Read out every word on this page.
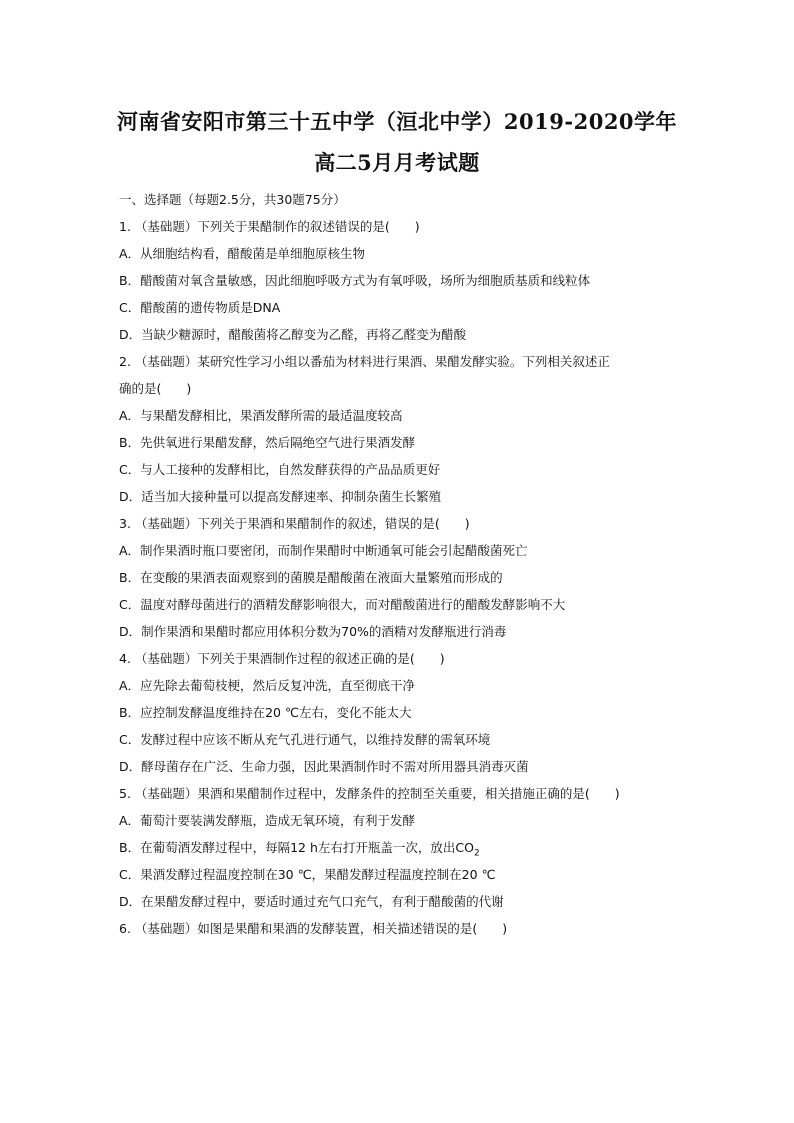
河南省安阳市第三十五中学（洹北中学）2019-2020学年
高二5月月考试题
一、选择题（每题2.5分，共30题75分）
1. （基础题）下列关于果醋制作的叙述错误的是(　　)
A．从细胞结构看，醋酸菌是单细胞原核生物
B．醋酸菌对氧含量敏感，因此细胞呼吸方式为有氧呼吸，场所为细胞质基质和线粒体
C．醋酸菌的遗传物质是DNA
D．当缺少糖源时，醋酸菌将乙醇变为乙醛，再将乙醛变为醋酸
2. （基础题）某研究性学习小组以番茄为材料进行果酒、果醋发酵实验。下列相关叙述正
确的是(　　)
A．与果醋发酵相比，果酒发酵所需的最适温度较高
B．先供氧进行果醋发酵，然后隔绝空气进行果酒发酵
C．与人工接种的发酵相比，自然发酵获得的产品品质更好
D．适当加大接种量可以提高发酵速率、抑制杂菌生长繁殖
3. （基础题）下列关于果酒和果醋制作的叙述，错误的是(　　)
A．制作果酒时瓶口要密闭，而制作果醋时中断通氧可能会引起醋酸菌死亡
B．在变酸的果酒表面观察到的菌膜是醋酸菌在液面大量繁殖而形成的
C．温度对酵母菌进行的酒精发酵影响很大，而对醋酸菌进行的醋酸发酵影响不大
D．制作果酒和果醋时都应用体积分数为70%的酒精对发酵瓶进行消毒
4. （基础题）下列关于果酒制作过程的叙述正确的是(　　)
A．应先除去葡萄枝梗，然后反复冲洗，直至彻底干净
B．应控制发酵温度维持在20 ℃左右，变化不能太大
C．发酵过程中应该不断从充气孔进行通气，以维持发酵的需氧环境
D．酵母菌存在广泛、生命力强，因此果酒制作时不需对所用器具消毒灭菌
5. （基础题）果酒和果醋制作过程中，发酵条件的控制至关重要，相关措施正确的是(　　)
A．葡萄汁要装满发酵瓶，造成无氧环境，有利于发酵
B．在葡萄酒发酵过程中，每隔12 h左右打开瓶盖一次，放出$CO_2$
C．果酒发酵过程温度控制在30 ℃，果醋发酵过程温度控制在20 ℃
D．在果醋发酵过程中，要适时通过充气口充气，有利于醋酸菌的代谢
6. （基础题）如图是果醋和果酒的发酵装置，相关描述错误的是(　　)
